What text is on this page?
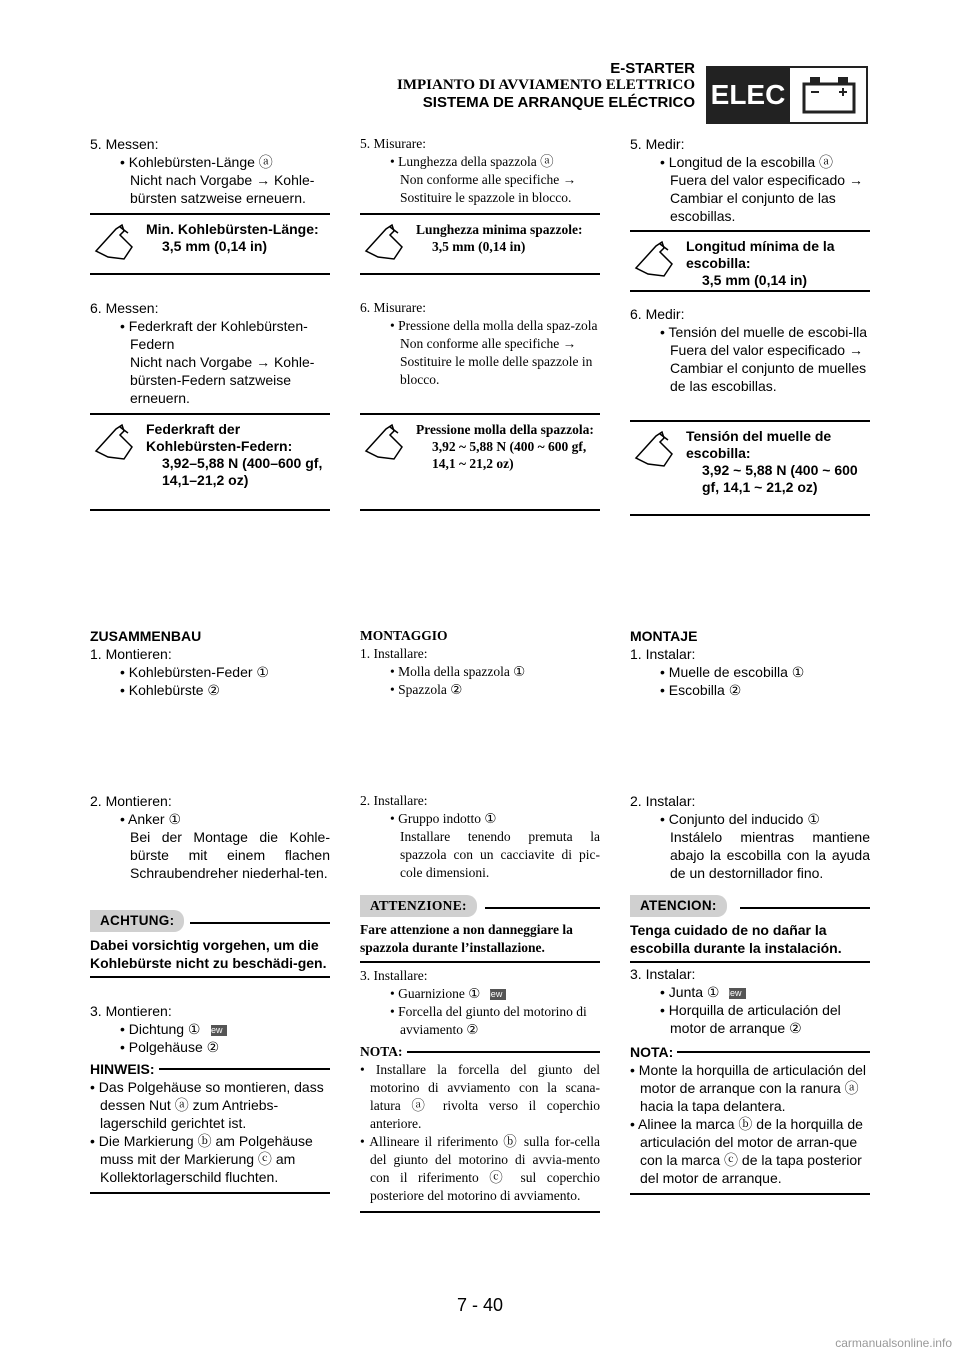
E-STARTER
IMPIANTO DI AVVIAMENTO ELETTRICO
SISTEMA DE ARRANQUE ELÉCTRICO ELEC
5. Messen:
• Kohlebürsten-Länge ⓐ
Nicht nach Vorgabe → Kohle-bürsten satzweise erneuern.
Min. Kohlebürsten-Länge:
3,5 mm (0,14 in)
6. Messen:
• Federkraft der Kohlebürsten-Federn
Nicht nach Vorgabe → Kohle-bürsten-Federn satzweise erneuern.
Federkraft der Kohlebürsten-Federn:
3,92–5,88 N (400–600 gf, 14,1–21,2 oz)
ZUSAMMENBAU
1. Montieren:
• Kohlebürsten-Feder ①
• Kohlebürste ②
2. Montieren:
• Anker ①
Bei der Montage die Kohle-bürste mit einem flachen Schraubendreher niederhal-ten.
ACHTUNG:
Dabei vorsichtig vorgehen, um die Kohlebürste nicht zu beschädi-gen.
3. Montieren:
• Dichtung ① New
• Polgehäuse ②
HINWEIS:
• Das Polgehäuse so montieren, dass dessen Nut ⓐ zum Antriebs-lagerschild gerichtet ist.
• Die Markierung ⓑ am Polgehäuse muss mit der Markierung ⓒ am Kollektorlagerschild fluchten.
5. Misurare:
• Lunghezza della spazzola ⓐ
Non conforme alle specifiche → Sostituire le spazzole in blocco.
Lunghezza minima spazzole:
3,5 mm (0,14 in)
6. Misurare:
• Pressione della molla della spaz-zola
Non conforme alle specifiche → Sostituire le molle delle spazzole in blocco.
Pressione molla della spazzola:
3,92 ~ 5,88 N (400 ~ 600 gf, 14,1 ~ 21,2 oz)
MONTAGGIO
1. Installare:
• Molla della spazzola ①
• Spazzola ②
2. Installare:
• Gruppo indotto ①
Installare tenendo premuta la spazzola con un cacciavite di pic-cole dimensioni.
ATTENZIONE:
Fare attenzione a non danneggiare la spazzola durante l’installazione.
3. Installare:
• Guarnizione ① New
• Forcella del giunto del motorino di avviamento ②
NOTA:
• Installare la forcella del giunto del motorino di avviamento con la scana-latura ⓐ rivolta verso il coperchio anteriore.
• Allineare il riferimento ⓑ sulla for-cella del giunto del motorino di avvia-mento con il riferimento ⓒ sul coperchio posteriore del motorino di avviamento.
5. Medir:
• Longitud de la escobilla ⓐ
Fuera del valor especificado → Cambiar el conjunto de las escobillas.
Longitud mínima de la escobilla:
3,5 mm (0,14 in)
6. Medir:
• Tensión del muelle de escobi-lla
Fuera del valor especificado → Cambiar el conjunto de muelles de las escobillas.
Tensión del muelle de escobilla:
3,92 ~ 5,88 N (400 ~ 600 gf, 14,1 ~ 21,2 oz)
MONTAJE
1. Instalar:
• Muelle de escobilla ①
• Escobilla ②
2. Instalar:
• Conjunto del inducido ①
Instálelo mientras mantiene abajo la escobilla con la ayuda de un destornillador fino.
ATENCION:
Tenga cuidado de no dañar la escobilla durante la instalación.
3. Instalar:
• Junta ① New
• Horquilla de articulación del motor de arranque ②
NOTA:
• Monte la horquilla de articulación del motor de arranque con la ranura ⓐ hacia la tapa delantera.
• Alinee la marca ⓑ de la horquilla de articulación del motor de arran-que con la marca ⓒ de la tapa posterior del motor de arranque.
7 - 40
carmanualsonline.info
